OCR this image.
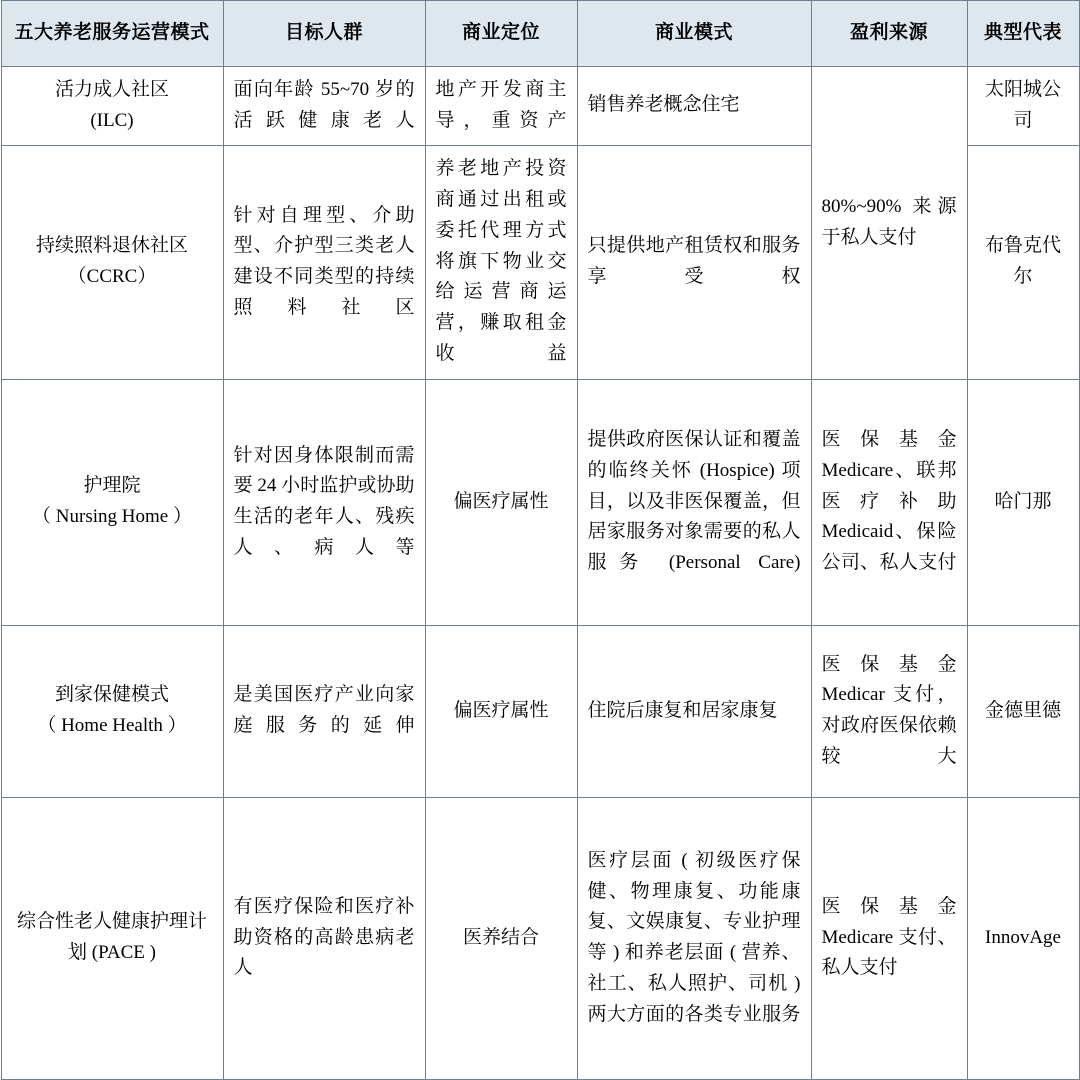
五大养老服务运营模式	目标人群	商业定位	商业模式	盈利来源	典型代表

活力成人社区
(ILC)	面向年龄 55~70 岁的活跃健康老人	地产开发商主导，重资产	销售养老概念住宅	80%~90% 来源于私人支付	太阳城公司

持续照料退休社区（CCRC）	针对自理型、介助型、介护型三类老人建设不同类型的持续照料社区	养老地产投资商通过出租或委托代理方式将旗下物业交给运营商运营，赚取租金收益	只提供地产租赁权和服务享受权		布鲁克代尔

护理院
（ Nursing Home ）	针对因身体限制而需要 24 小时监护或协助生活的老年人、残疾人、病人等	偏医疗属性	提供政府医保认证和覆盖的临终关怀 (Hospice) 项目，以及非医保覆盖，但居家服务对象需要的私人服务 (Personal Care)	医保基金 Medicare、联邦医疗补助 Medicaid、保险公司、私人支付	哈门那

到家保健模式
（ Home Health ）	是美国医疗产业向家庭服务的延伸	偏医疗属性	住院后康复和居家康复	医保基金 Medicar 支付，对政府医保依赖较大	金德里德

综合性老人健康护理计划 (PACE )	有医疗保险和医疗补助资格的高龄患病老人	医养结合	医疗层面 ( 初级医疗保健、物理康复、功能康复、文娱康复、专业护理等 ) 和养老层面 ( 营养、社工、私人照护、司机 ) 两大方面的各类专业服务	医保基金 Medicare 支付、私人支付	InnovAge
